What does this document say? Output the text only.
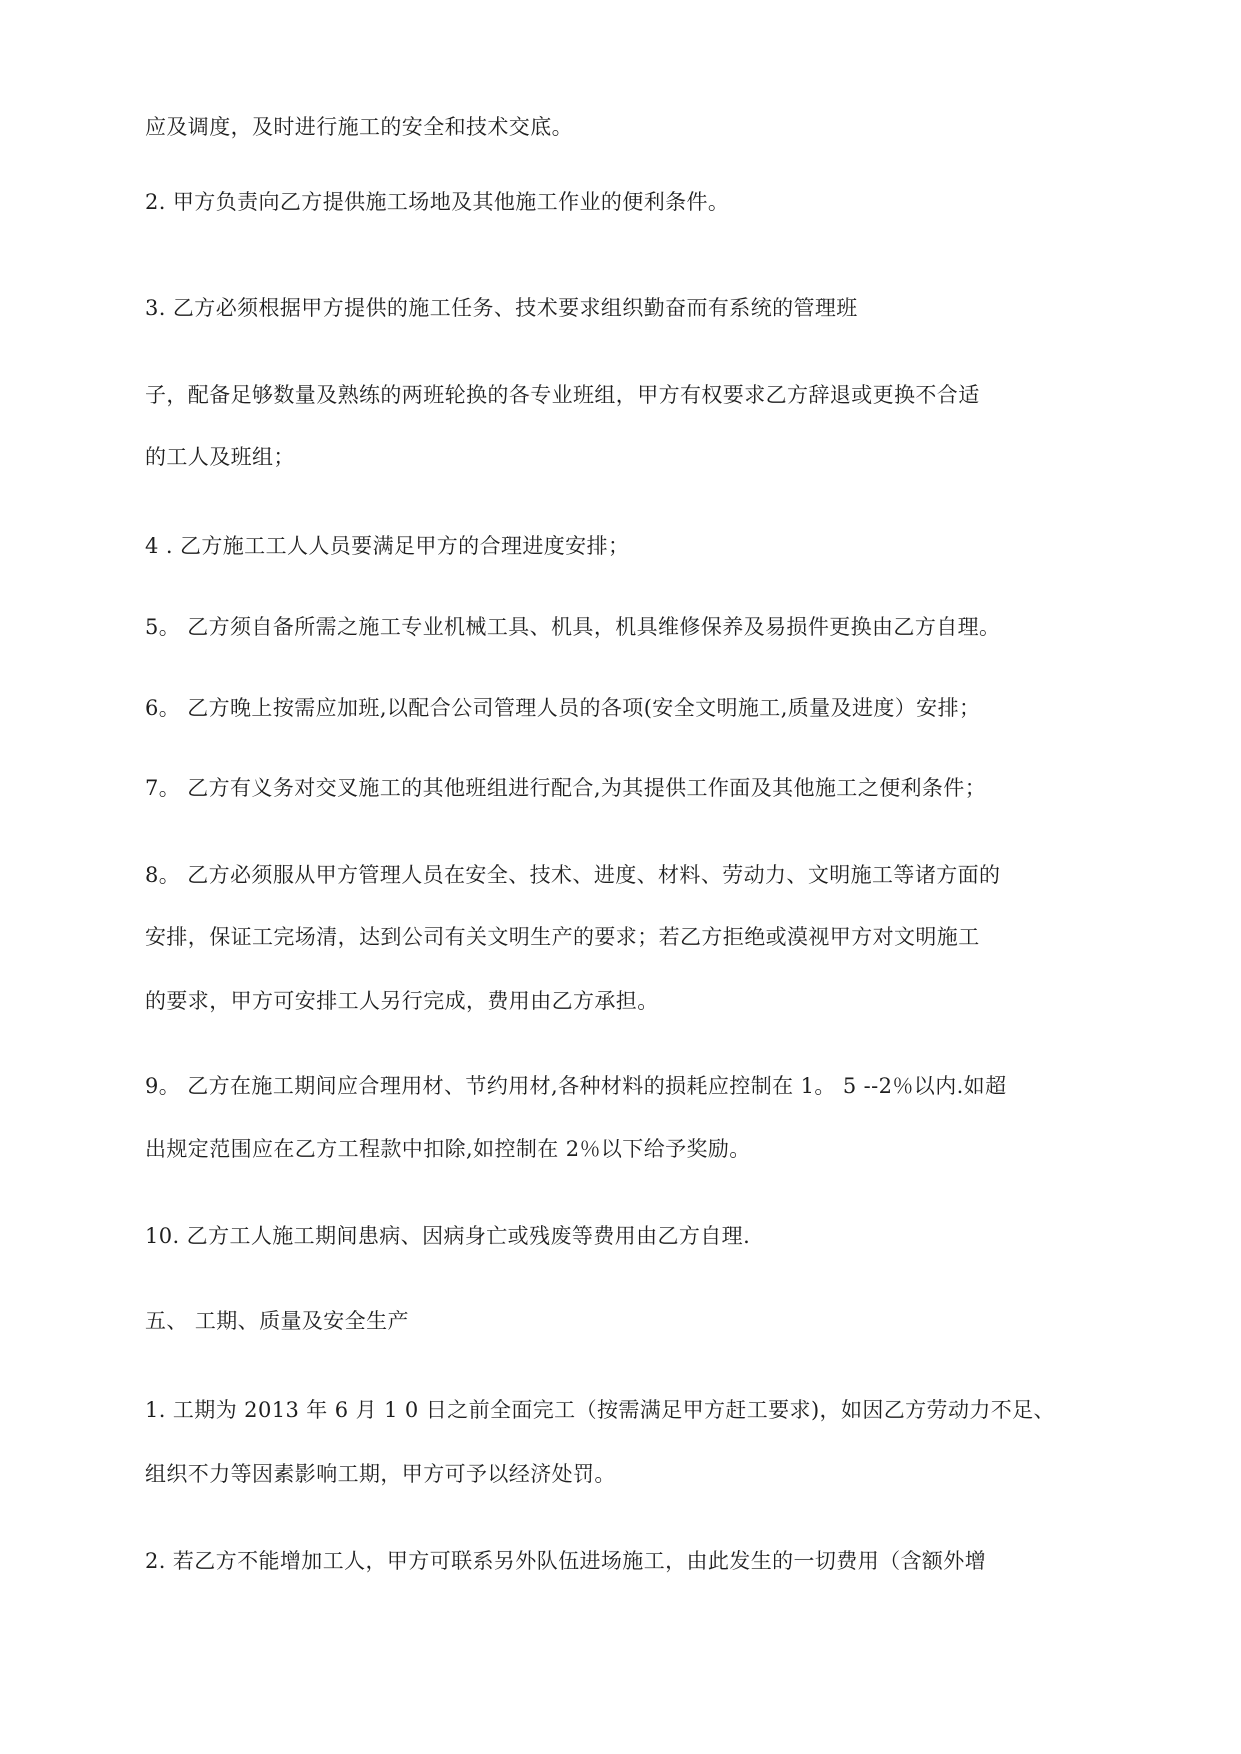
应及调度，及时进行施工的安全和技术交底。
2. 甲方负责向乙方提供施工场地及其他施工作业的便利条件。
3. 乙方必须根据甲方提供的施工任务、技术要求组织勤奋而有系统的管理班
子，配备足够数量及熟练的两班轮换的各专业班组，甲方有权要求乙方辞退或更换不合适
的工人及班组；
4 . 乙方施工工人人员要满足甲方的合理进度安排；
5。 乙方须自备所需之施工专业机械工具、机具，机具维修保养及易损件更换由乙方自理。
6。 乙方晚上按需应加班,以配合公司管理人员的各项(安全文明施工,质量及进度）安排；
7。 乙方有义务对交叉施工的其他班组进行配合,为其提供工作面及其他施工之便利条件；
8。 乙方必须服从甲方管理人员在安全、技术、进度、材料、劳动力、文明施工等诸方面的
安排，保证工完场清，达到公司有关文明生产的要求；若乙方拒绝或漠视甲方对文明施工
的要求，甲方可安排工人另行完成，费用由乙方承担。
9。 乙方在施工期间应合理用材、节约用材,各种材料的损耗应控制在 1。 5 --2％以内.如超
出规定范围应在乙方工程款中扣除,如控制在 2％以下给予奖励。
10. 乙方工人施工期间患病、因病身亡或残废等费用由乙方自理.
五、 工期、质量及安全生产
1. 工期为 2013 年 6 月 1 0 日之前全面完工（按需满足甲方赶工要求)，如因乙方劳动力不足、
组织不力等因素影响工期，甲方可予以经济处罚。
2. 若乙方不能增加工人，甲方可联系另外队伍进场施工，由此发生的一切费用（含额外增
